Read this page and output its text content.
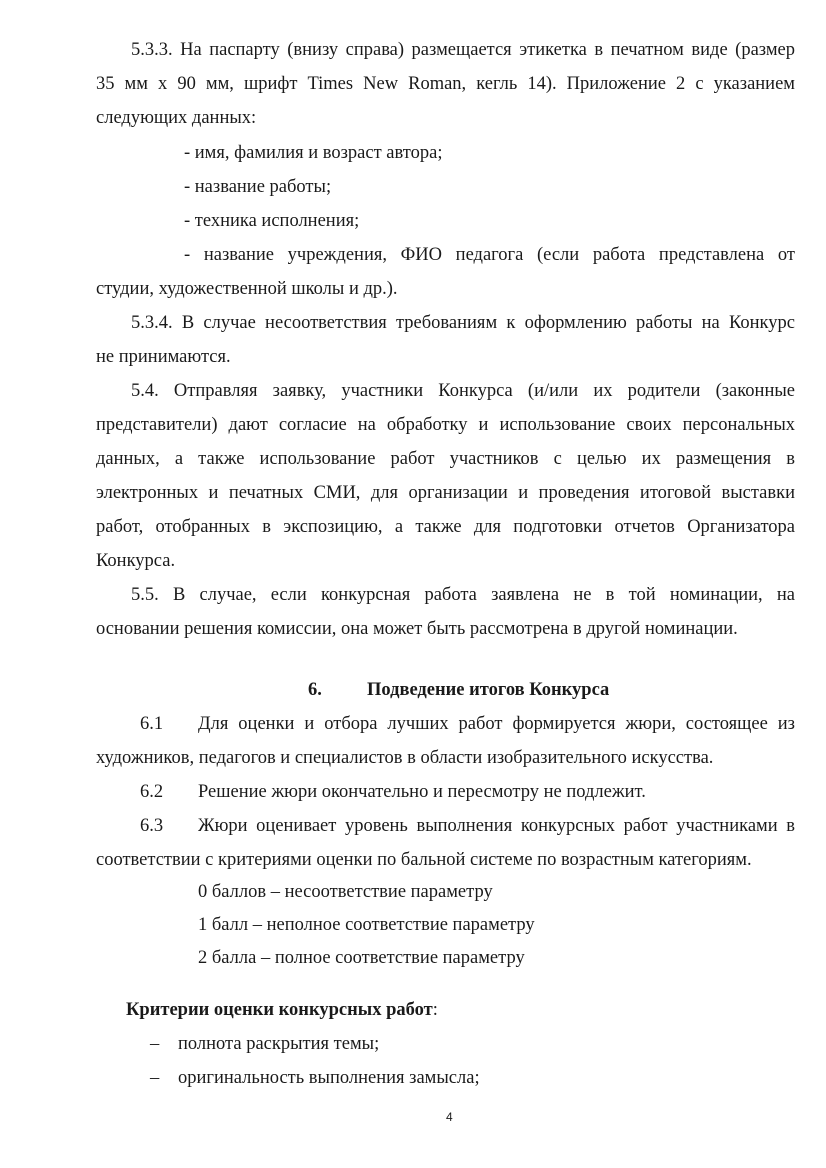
5.3.3. На паспарту (внизу справа) размещается этикетка в печатном виде (размер
35 мм х 90 мм, шрифт Times New Roman, кегль 14). Приложение 2 с указанием
следующих данных:
- имя, фамилия и возраст автора;
- название работы;
- техника исполнения;
- название учреждения, ФИО педагога (если работа представлена от
студии, художественной школы и др.).
5.3.4. В случае несоответствия требованиям к оформлению работы на Конкурс
не принимаются.
5.4. Отправляя заявку, участники Конкурса (и/или их родители (законные
представители) дают согласие на обработку и использование своих персональных
данных, а также использование работ участников с целью их размещения в
электронных и печатных СМИ, для организации и проведения итоговой выставки
работ, отобранных в экспозицию, а также для подготовки отчетов Организатора
Конкурса.
5.5. В случае, если конкурсная работа заявлена не в той номинации, на
основании решения комиссии, она может быть рассмотрена в другой номинации.
6. Подведение итогов Конкурса
6.1 Для оценки и отбора лучших работ формируется жюри, состоящее из
художников, педагогов и специалистов в области изобразительного искусства.
6.2 Решение жюри окончательно и пересмотру не подлежит.
6.3 Жюри оценивает уровень выполнения конкурсных работ участниками в
соответствии с критериями оценки по бальной системе по возрастным категориям.
0 баллов – несоответствие параметру
1 балл – неполное соответствие параметру
2 балла – полное соответствие параметру
Критерии оценки конкурсных работ:
– полнота раскрытия темы;
– оригинальность выполнения замысла;
4
